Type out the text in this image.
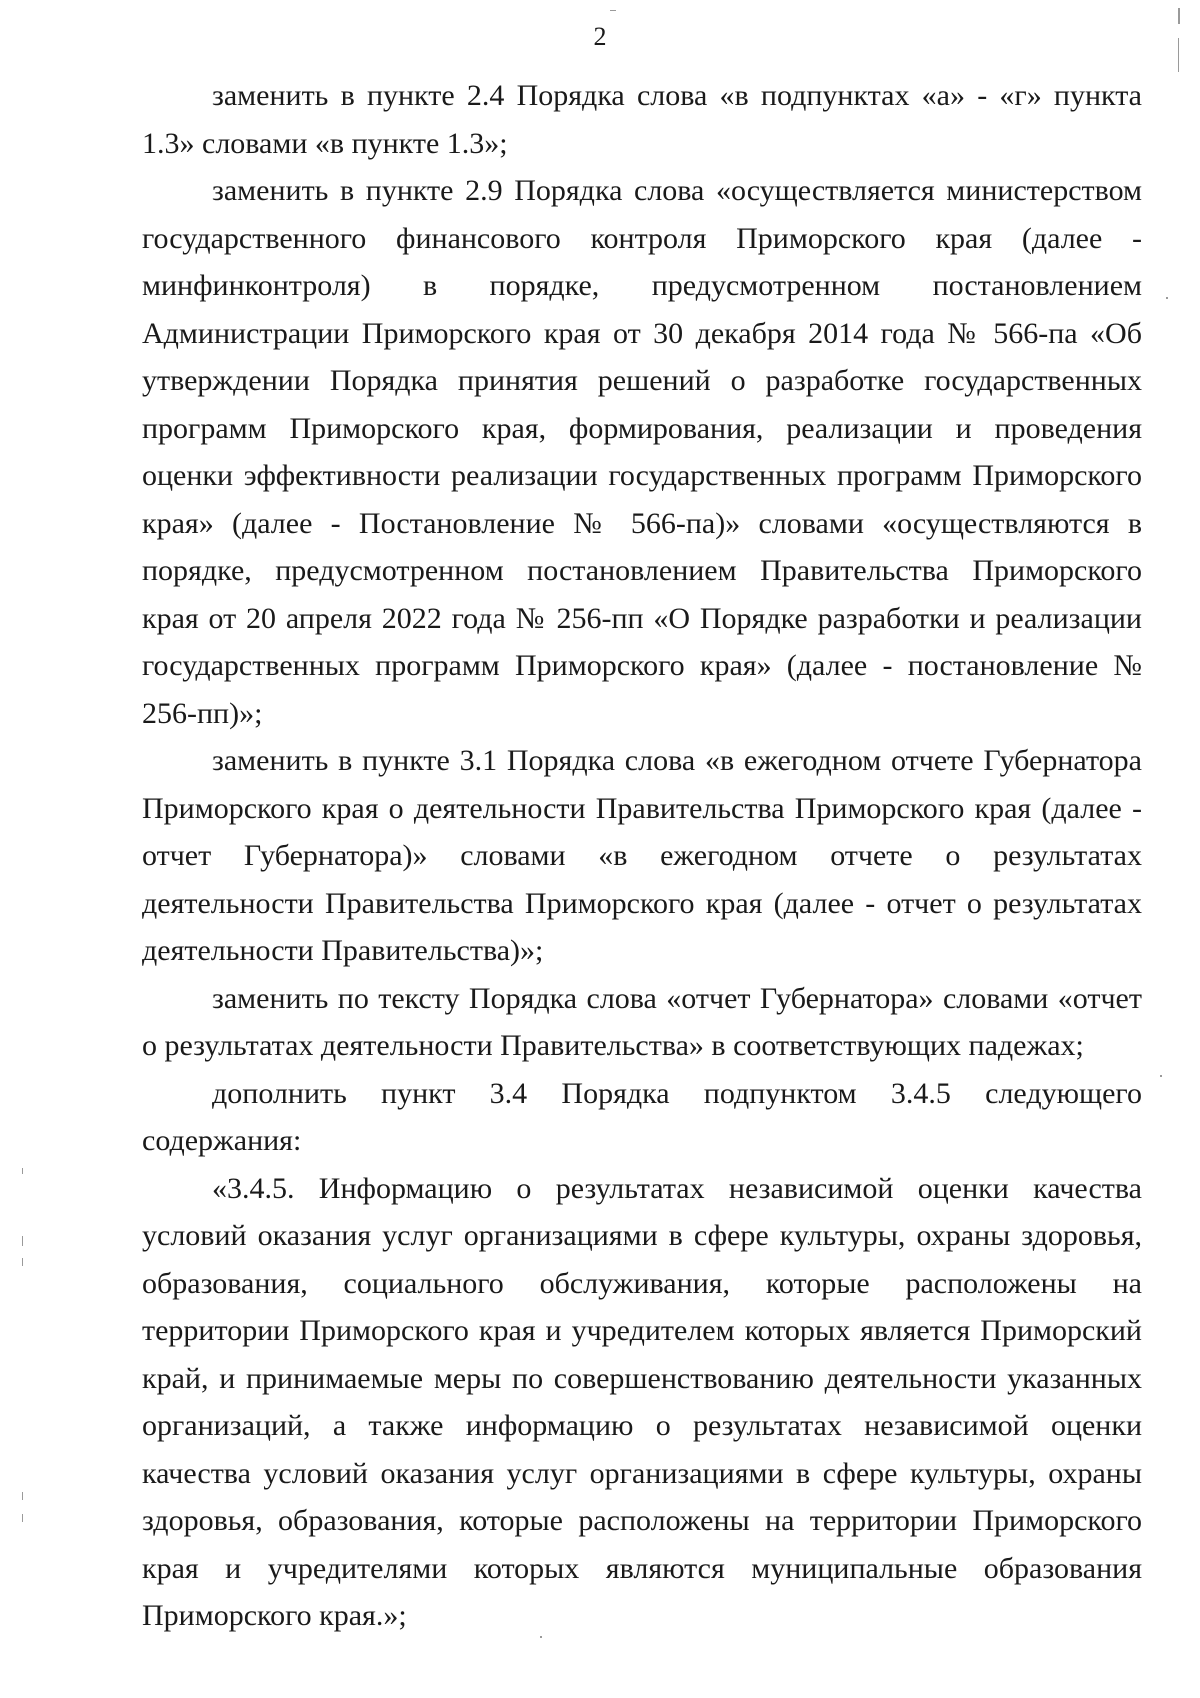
2

заменить в пункте 2.4 Порядка слова «в подпунктах «а» - «г» пункта 1.3» словами «в пункте 1.3»;

заменить в пункте 2.9 Порядка слова «осуществляется министерством государственного финансового контроля Приморского края (далее - минфинконтроля) в порядке, предусмотренном постановлением Администрации Приморского края от 30 декабря 2014 года № 566-па «Об утверждении Порядка принятия решений о разработке государственных программ Приморского края, формирования, реализации и проведения оценки эффективности реализации государственных программ Приморского края» (далее - Постановление № 566-па)» словами «осуществляются в порядке, предусмотренном постановлением Правительства Приморского края от 20 апреля 2022 года № 256-пп «О Порядке разработки и реализации государственных программ Приморского края» (далее - постановление № 256-пп)»;

заменить в пункте 3.1 Порядка слова «в ежегодном отчете Губернатора Приморского края о деятельности Правительства Приморского края (далее - отчет Губернатора)» словами «в ежегодном отчете о результатах деятельности Правительства Приморского края (далее - отчет о результатах деятельности Правительства)»;

заменить по тексту Порядка слова «отчет Губернатора» словами «отчет о результатах деятельности Правительства» в соответствующих падежах;

дополнить пункт 3.4 Порядка подпунктом 3.4.5 следующего содержания:

«3.4.5. Информацию о результатах независимой оценки качества условий оказания услуг организациями в сфере культуры, охраны здоровья, образования, социального обслуживания, которые расположены на территории Приморского края и учредителем которых является Приморский край, и принимаемые меры по совершенствованию деятельности указанных организаций, а также информацию о результатах независимой оценки качества условий оказания услуг организациями в сфере культуры, охраны здоровья, образования, которые расположены на территории Приморского края и учредителями которых являются муниципальные образования Приморского края.»;
